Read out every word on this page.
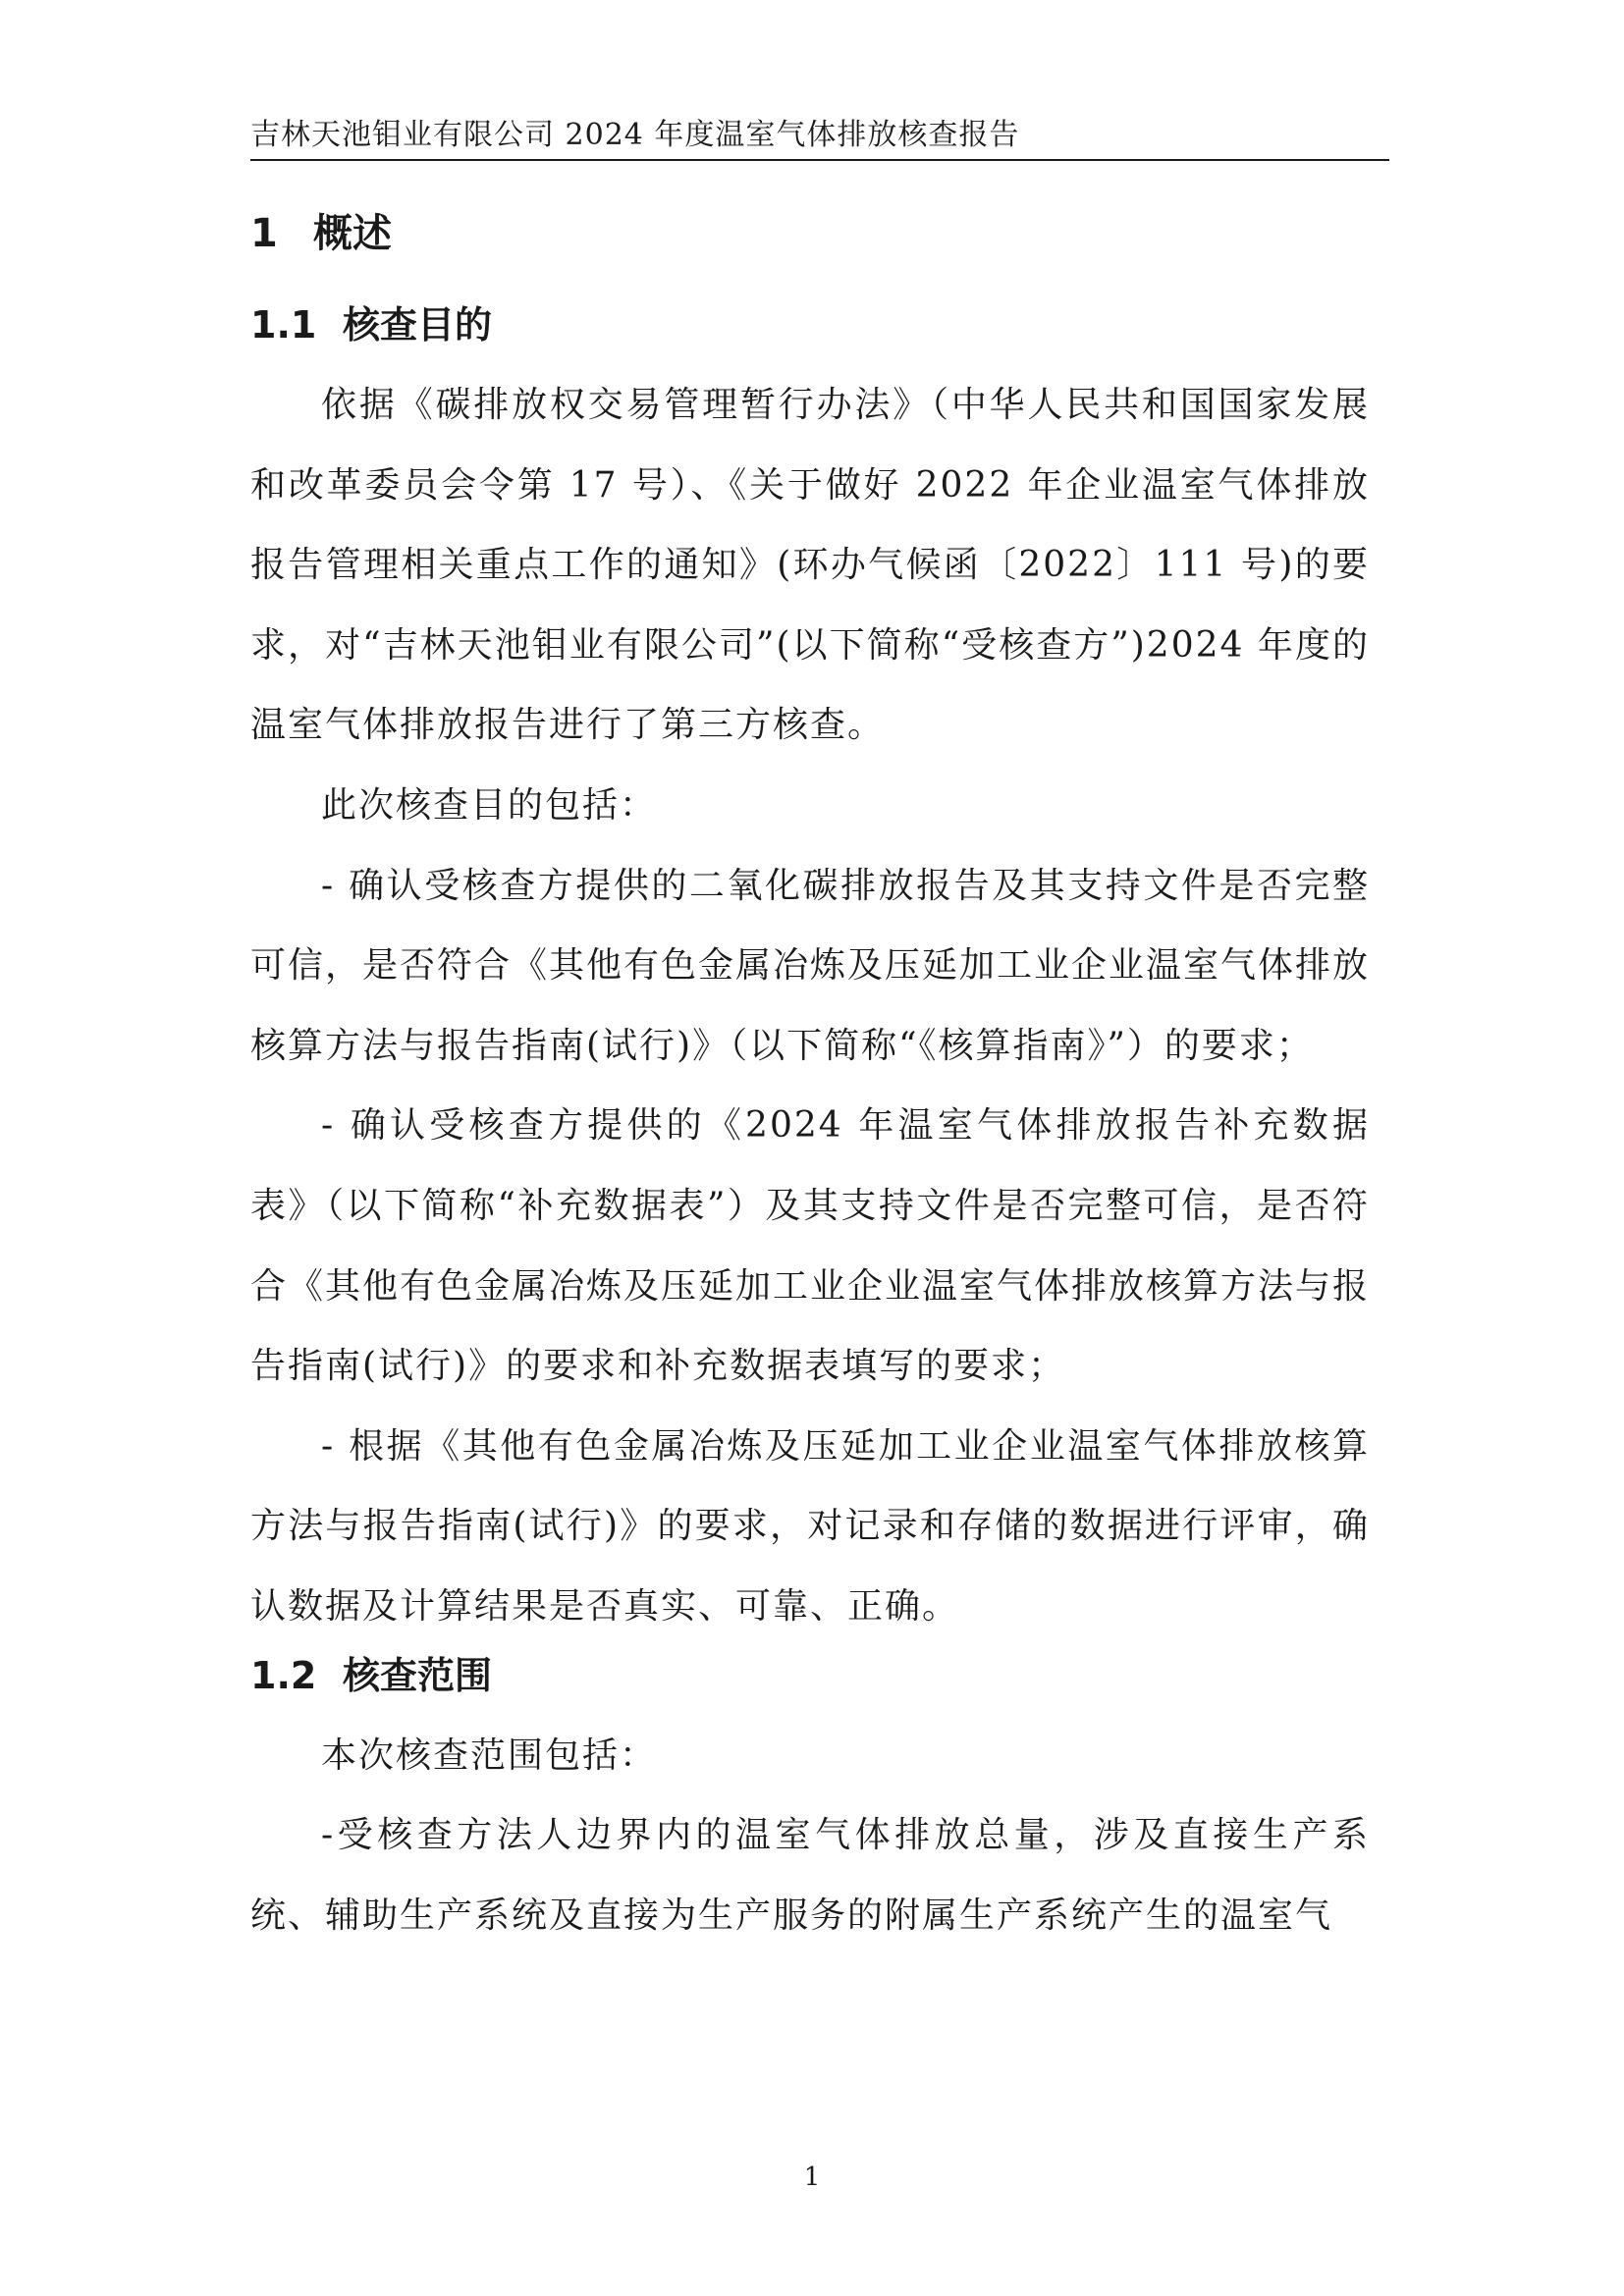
吉林天池钼业有限公司 2024 年度温室气体排放核查报告
1 概述
1.1 核查目的

依据《碳排放权交易管理暂行办法》（中华人民共和国国家发展和改革委员会令第 17 号）、《关于做好 2022 年企业温室气体排放报告管理相关重点工作的通知》(环办气候函〔2022〕111 号)的要求，对“吉林天池钼业有限公司”(以下简称“受核查方”)2024 年度的温室气体排放报告进行了第三方核查。

此次核查目的包括：

- 确认受核查方提供的二氧化碳排放报告及其支持文件是否完整可信，是否符合《其他有色金属冶炼及压延加工业企业温室气体排放核算方法与报告指南(试行)》（以下简称“《核算指南》”）的要求；

- 确认受核查方提供的《2024 年温室气体排放报告补充数据表》（以下简称“补充数据表”）及其支持文件是否完整可信，是否符合《其他有色金属冶炼及压延加工业企业温室气体排放核算方法与报告指南(试行)》的要求和补充数据表填写的要求；

- 根据《其他有色金属冶炼及压延加工业企业温室气体排放核算方法与报告指南(试行)》的要求，对记录和存储的数据进行评审，确认数据及计算结果是否真实、可靠、正确。

1.2 核查范围

本次核查范围包括：

-受核查方法人边界内的温室气体排放总量，涉及直接生产系统、辅助生产系统及直接为生产服务的附属生产系统产生的温室气

1
